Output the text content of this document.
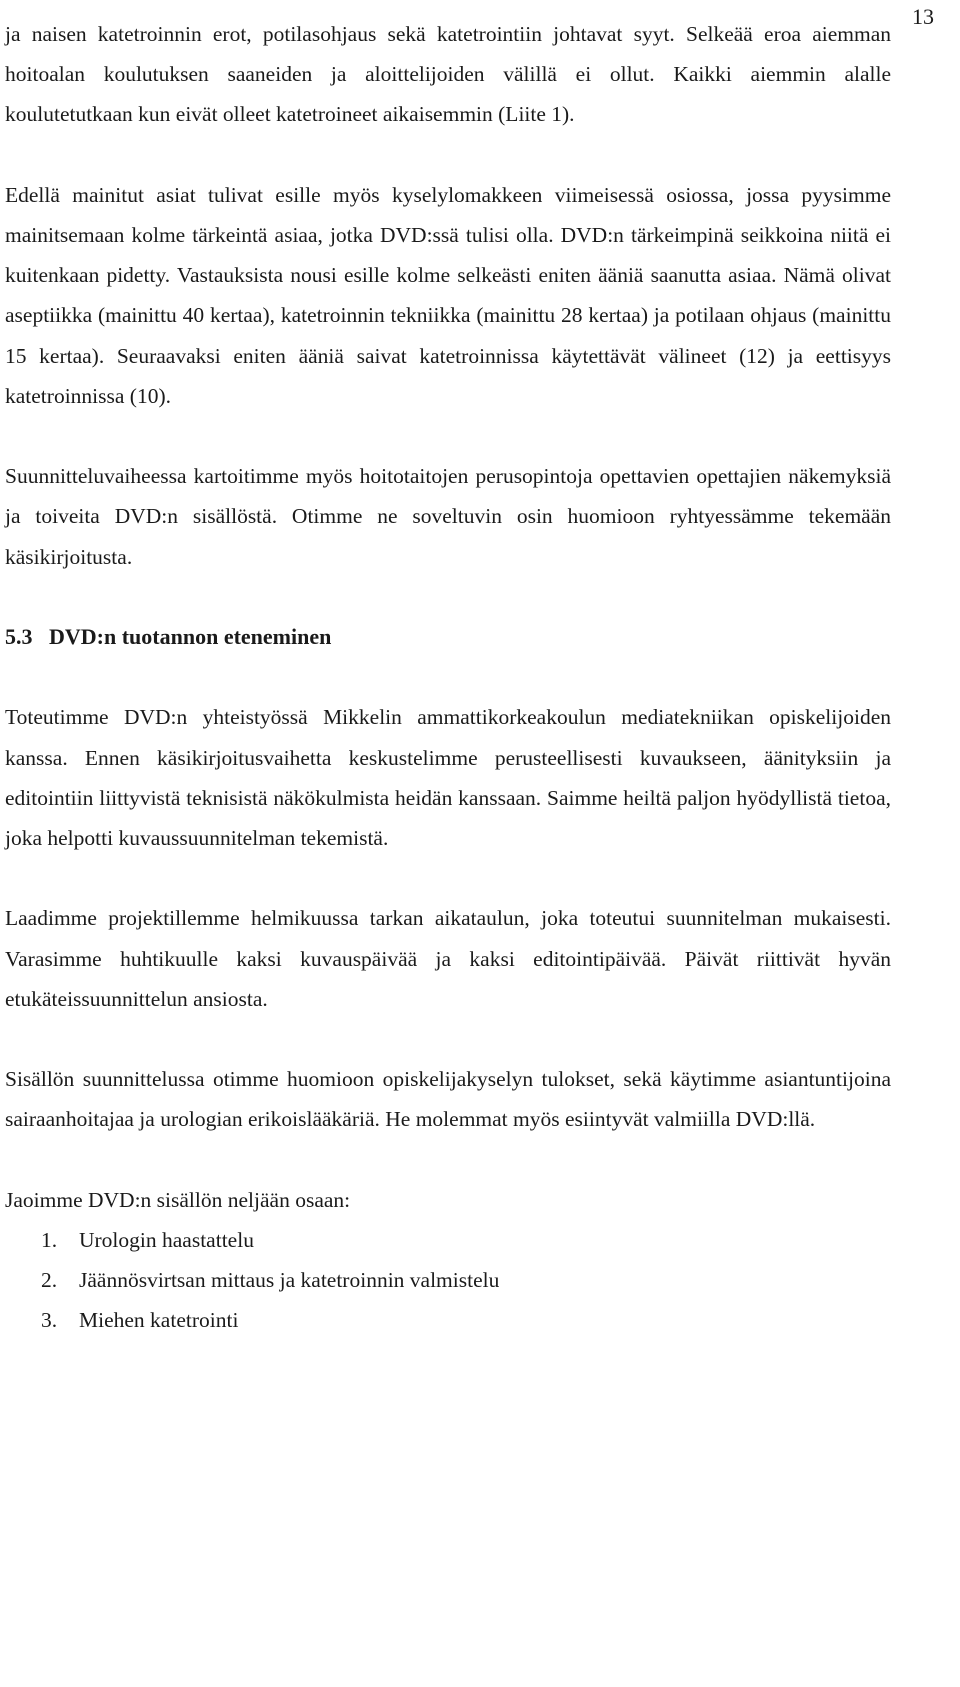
13

ja naisen katetroinnin erot, potilasohjaus sekä katetrointiin johtavat syyt. Selkeää eroa aiemman hoitoalan koulutuksen saaneiden ja aloittelijoiden välillä ei ollut. Kaikki aiemmin alalle koulutetutkaan kun eivät olleet katetroineet aikaisemmin (Liite 1).

Edellä mainitut asiat tulivat esille myös kyselylomakkeen viimeisessä osiossa, jossa pyysimme mainitsemaan kolme tärkeintä asiaa, jotka DVD:ssä tulisi olla. DVD:n tärkeimpinä seikkoina niitä ei kuitenkaan pidetty. Vastauksista nousi esille kolme selkeästi eniten ääniä saanutta asiaa. Nämä olivat aseptiikka (mainittu 40 kertaa), katetroinnin tekniikka (mainittu 28 kertaa) ja potilaan ohjaus (mainittu 15 kertaa). Seuraavaksi eniten ääniä saivat katetroinnissa käytettävät välineet (12) ja eettisyys katetroinnissa (10).

Suunnitteluvaiheessa kartoitimme myös hoitotaitojen perusopintoja opettavien opettajien näkemyksiä ja toiveita DVD:n sisällöstä. Otimme ne soveltuvin osin huomioon ryhtyessämme tekemään käsikirjoitusta.

5.3 DVD:n tuotannon eteneminen

Toteutimme DVD:n yhteistyössä Mikkelin ammattikorkeakoulun mediatekniikan opiskelijoiden kanssa. Ennen käsikirjoitusvaihetta keskustelimme perusteellisesti kuvaukseen, äänityksiin ja editointiin liittyvistä teknisistä näkökulmista heidän kanssaan. Saimme heiltä paljon hyödyllistä tietoa, joka helpotti kuvaussuunnitelman tekemistä.

Laadimme projektillemme helmikuussa tarkan aikataulun, joka toteutui suunnitelman mukaisesti. Varasimme huhtikuulle kaksi kuvauspäivää ja kaksi editointipäivää. Päivät riittivät hyvän etukäteissuunnittelun ansiosta.

Sisällön suunnittelussa otimme huomioon opiskelijakyselyn tulokset, sekä käytimme asiantuntijoina sairaanhoitajaa ja urologian erikoislääkäriä. He molemmat myös esiintyvät valmiilla DVD:llä.

Jaoimme DVD:n sisällön neljään osaan:

1. Urologin haastattelu
2. Jäännösvirtsan mittaus ja katetroinnin valmistelu
3. Miehen katetrointi
